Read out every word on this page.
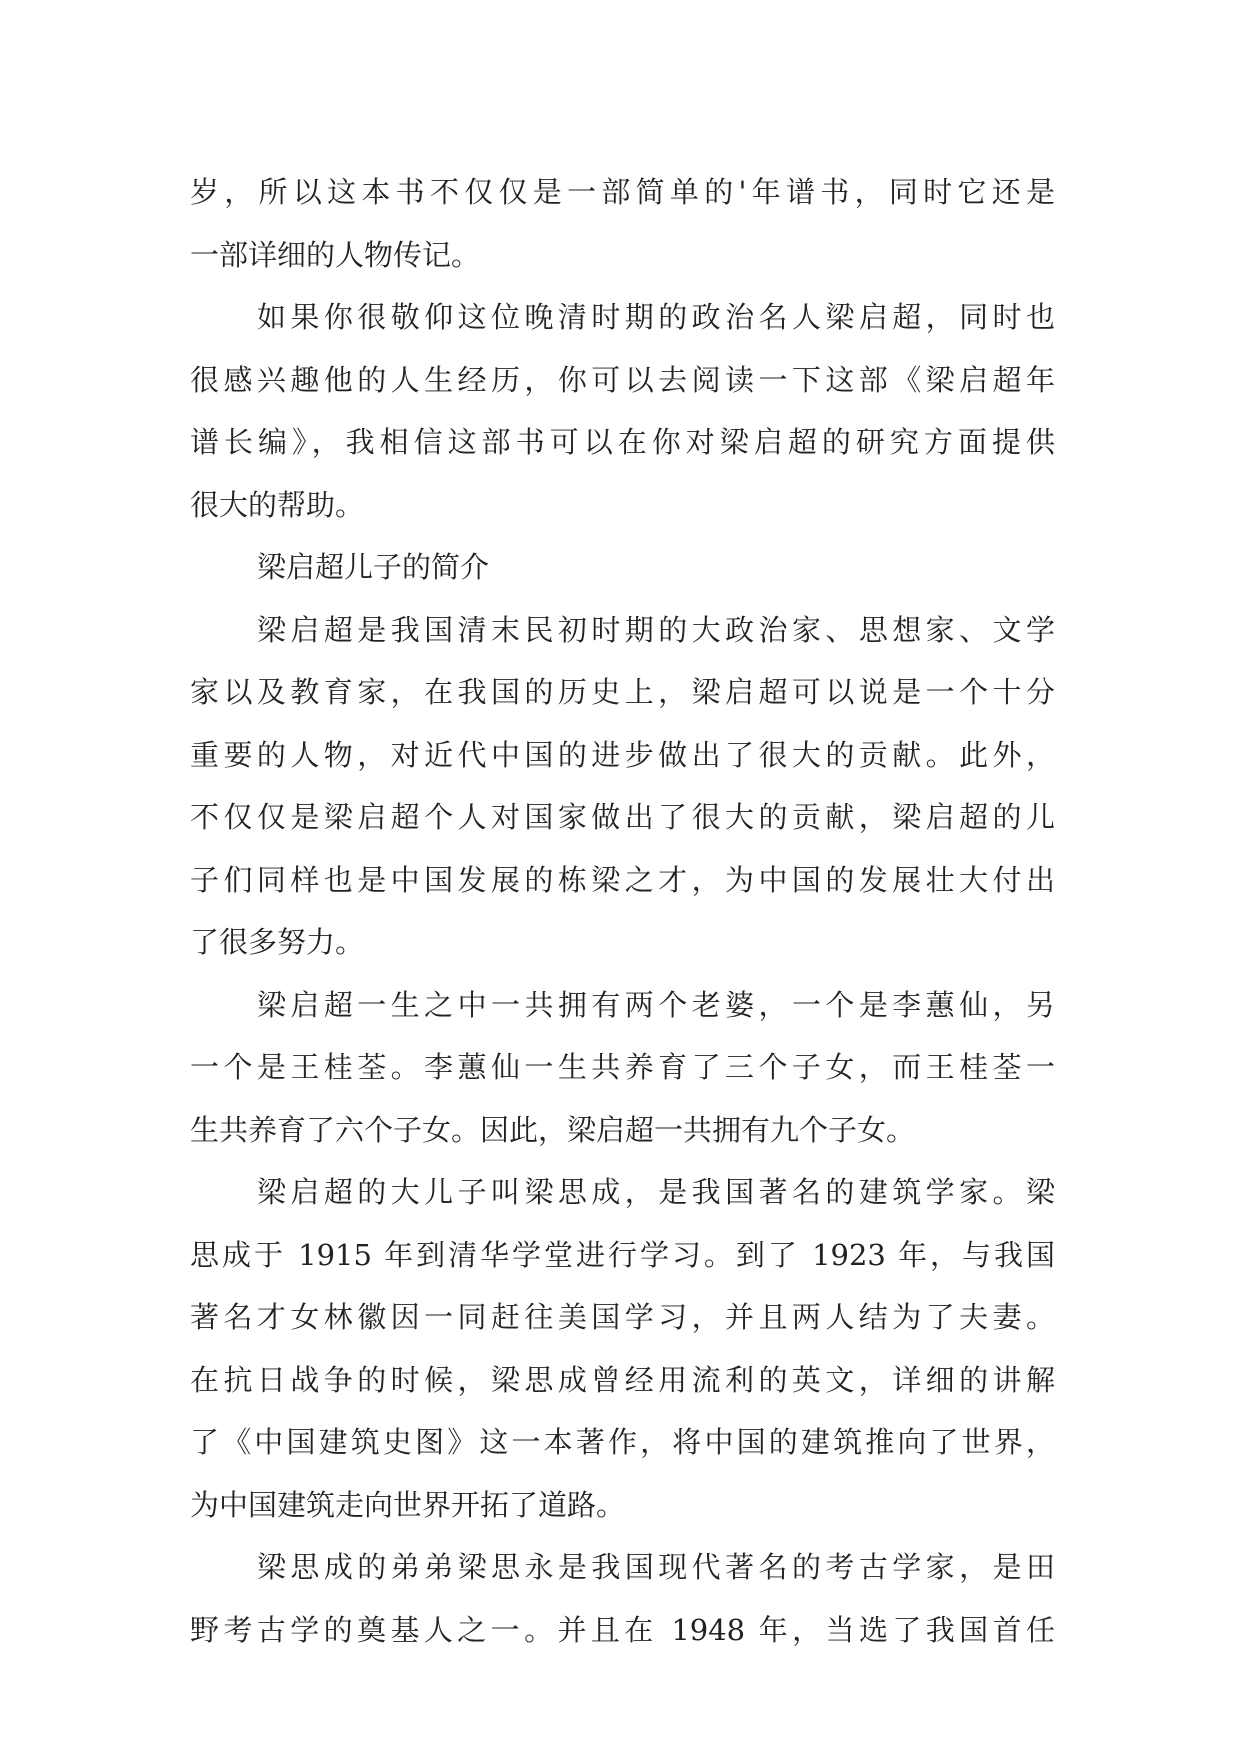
岁，所以这本书不仅仅是一部简单的'年谱书，同时它还是
一部详细的人物传记。
如果你很敬仰这位晚清时期的政治名人梁启超，同时也
很感兴趣他的人生经历，你可以去阅读一下这部《梁启超年
谱长编》，我相信这部书可以在你对梁启超的研究方面提供
很大的帮助。
梁启超儿子的简介
梁启超是我国清末民初时期的大政治家、思想家、文学
家以及教育家，在我国的历史上，梁启超可以说是一个十分
重要的人物，对近代中国的进步做出了很大的贡献。此外，
不仅仅是梁启超个人对国家做出了很大的贡献，梁启超的儿
子们同样也是中国发展的栋梁之才，为中国的发展壮大付出
了很多努力。
梁启超一生之中一共拥有两个老婆，一个是李蕙仙，另
一个是王桂荃。李蕙仙一生共养育了三个子女，而王桂荃一
生共养育了六个子女。因此，梁启超一共拥有九个子女。
梁启超的大儿子叫梁思成，是我国著名的建筑学家。梁
思成于 1915 年到清华学堂进行学习。到了 1923 年，与我国
著名才女林徽因一同赶往美国学习，并且两人结为了夫妻。
在抗日战争的时候，梁思成曾经用流利的英文，详细的讲解
了《中国建筑史图》这一本著作，将中国的建筑推向了世界，
为中国建筑走向世界开拓了道路。
梁思成的弟弟梁思永是我国现代著名的考古学家，是田
野考古学的奠基人之一。并且在 1948 年，当选了我国首任
